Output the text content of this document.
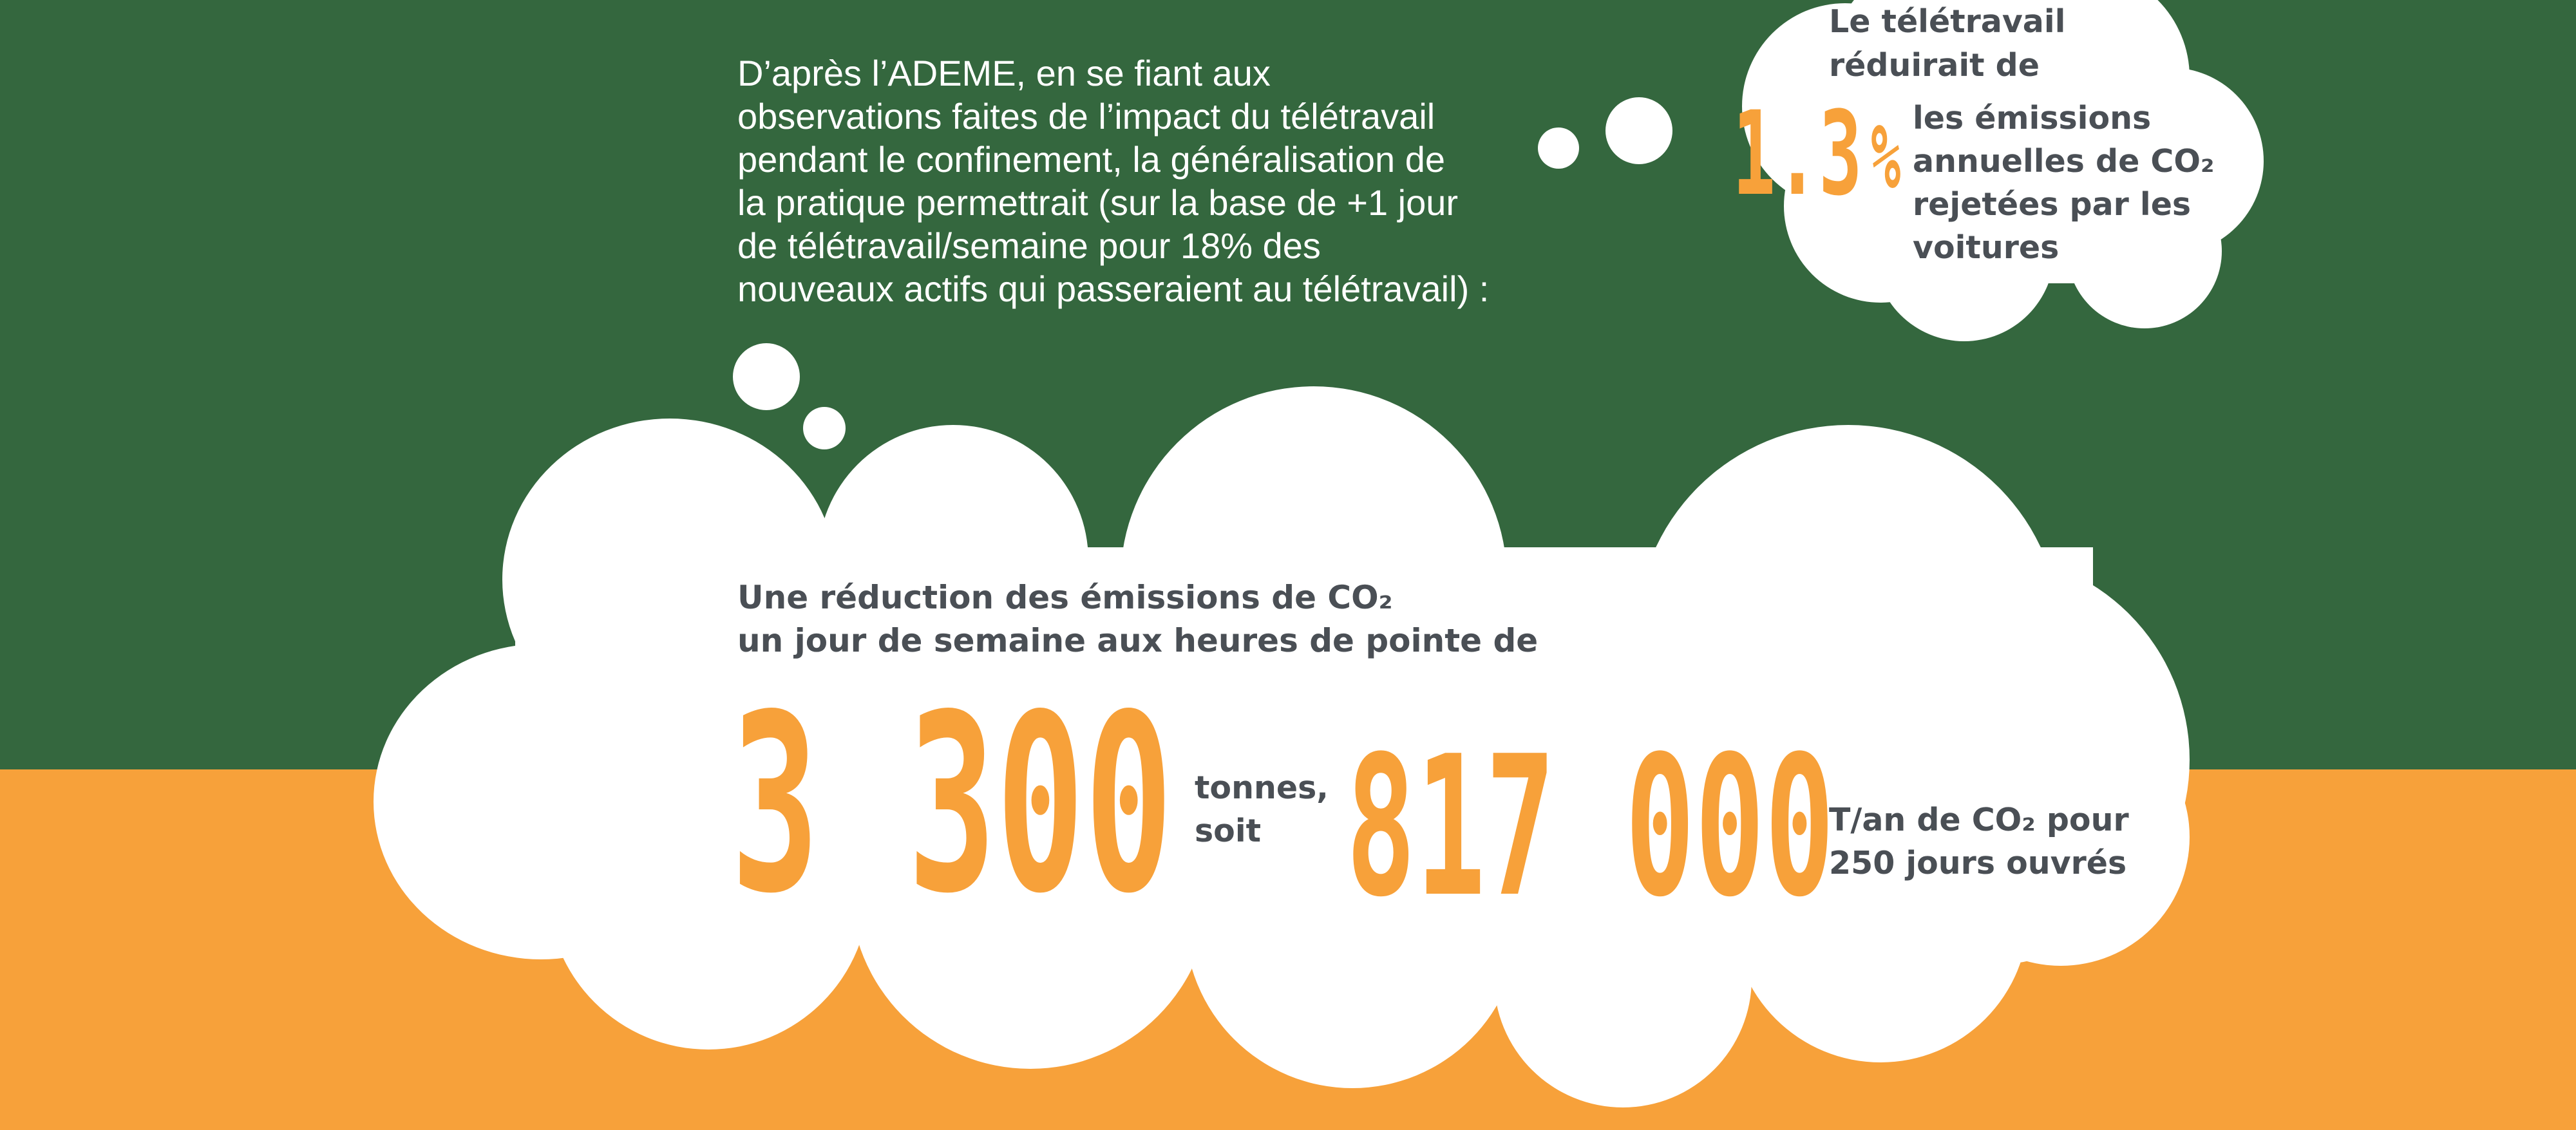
D’après l’ADEME, en se fiant aux
observations faites de l’impact du télétravail
pendant le confinement, la généralisation de
la pratique permettrait (sur la base de +1 jour
de télétravail/semaine pour 18% des
nouveaux actifs qui passeraient au télétravail) :
Le télétravail
réduirait de
1.3 % les émissions
annuelles de CO₂
rejetées par les
voitures
Une réduction des émissions de CO₂
un jour de semaine aux heures de pointe de
3 300 tonnes,
soit 817 000
T/an de CO₂ pour
250 jours ouvrés
